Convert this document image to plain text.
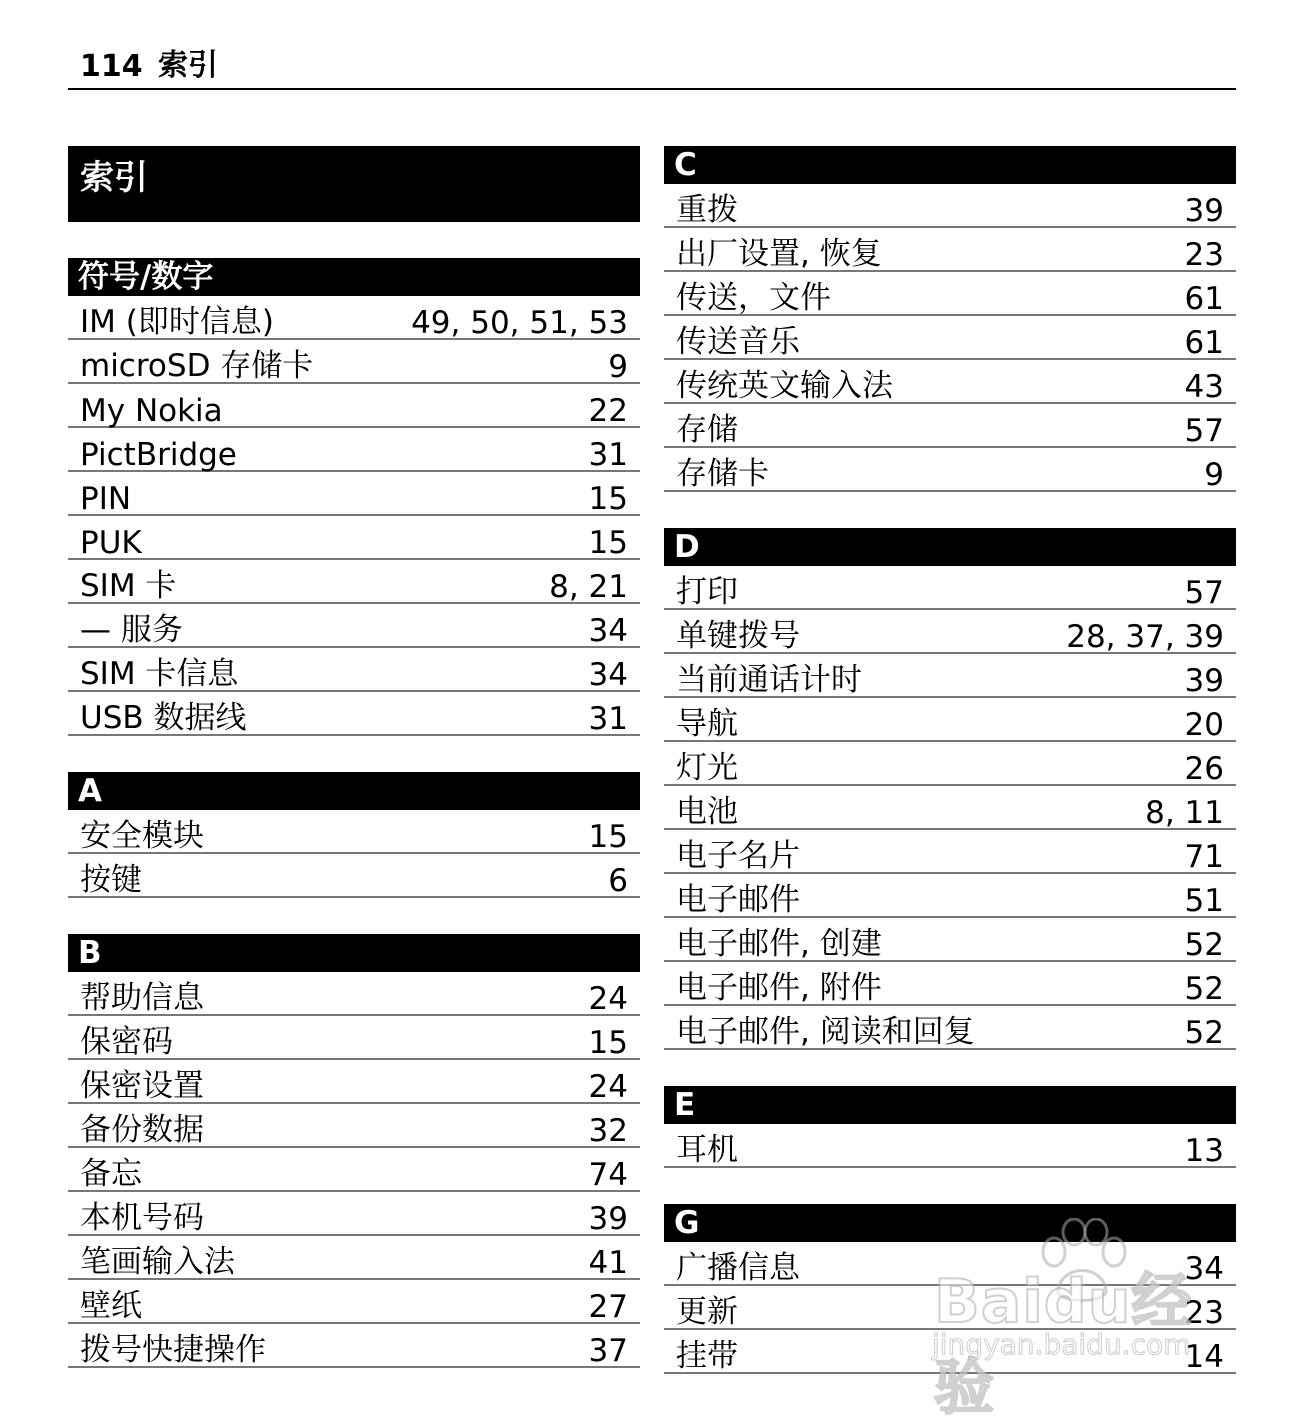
114 索引
索引
符号/数字
IM (即时信息)	49, 50, 51, 53
microSD 存储卡	9
My Nokia	22
PictBridge	31
PIN	15
PUK	15
SIM 卡	8, 21
— 服务	34
SIM 卡信息	34
USB 数据线	31
A
安全模块	15
按键	6
B
帮助信息	24
保密码	15
保密设置	24
备份数据	32
备忘	74
本机号码	39
笔画输入法	41
壁纸	27
拨号快捷操作	37
C
重拨	39
出厂设置, 恢复	23
传送，文件	61
传送音乐	61
传统英文输入法	43
存储	57
存储卡	9
D
打印	57
单键拨号	28, 37, 39
当前通话计时	39
导航	20
灯光	26
电池	8, 11
电子名片	71
电子邮件	51
电子邮件, 创建	52
电子邮件, 附件	52
电子邮件, 阅读和回复	52
E
耳机	13
G
广播信息	34
更新	23
挂带	14
Baidu经验
jingyan.baidu.com
